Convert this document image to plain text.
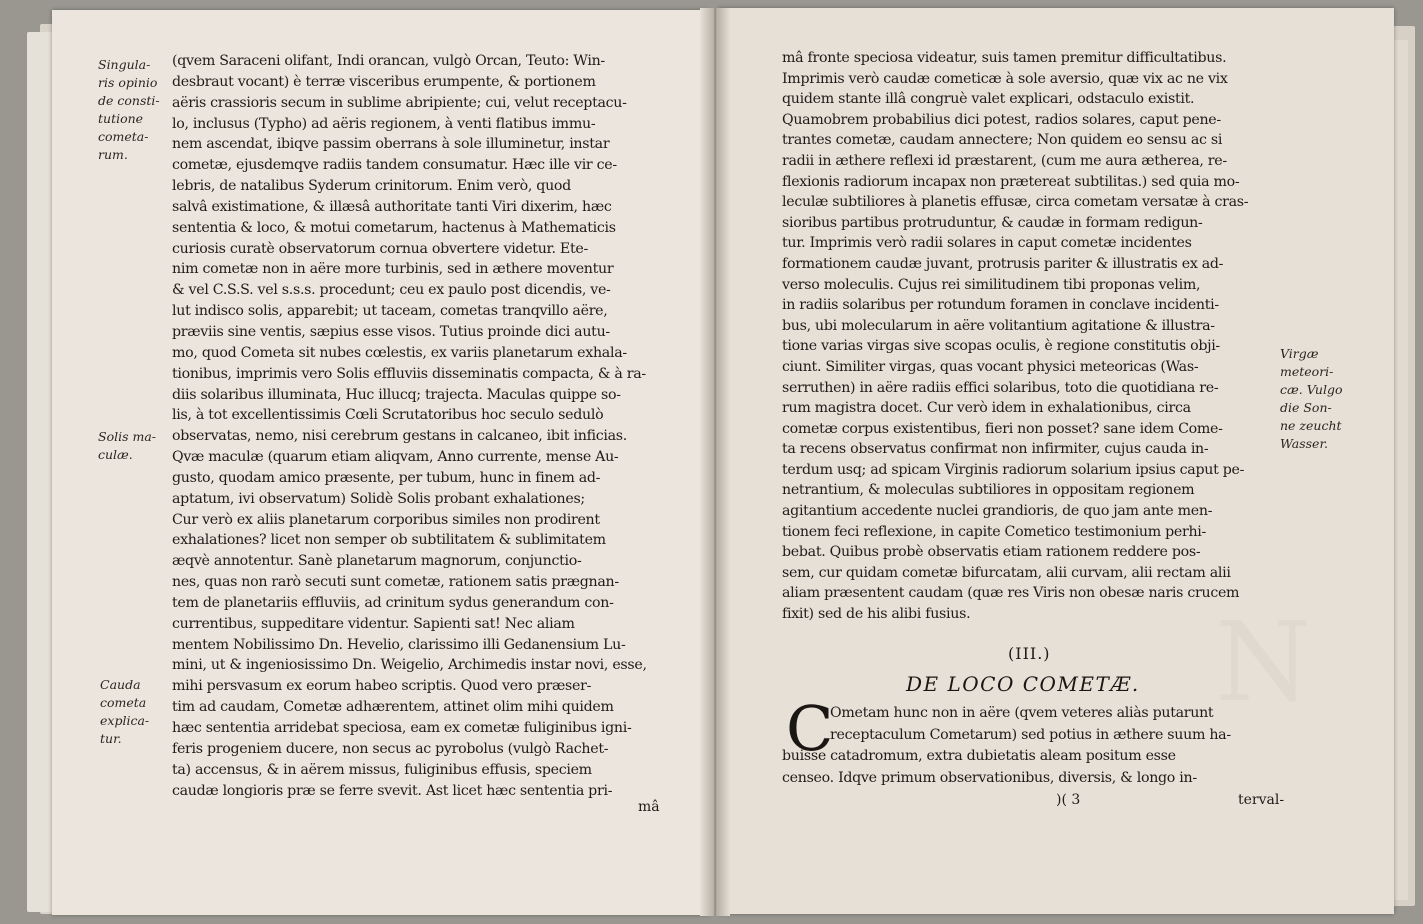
N
Singula-
ris opinio
de consti-
tutione
cometa-
rum.
Solis ma-
culæ.
Cauda
cometa
explica-
tur.
(qvem Saraceni olifant, Indi orancan, vulgò Orcan, Teuto: Win-
desbraut vocant) è terræ visceribus erumpente, & portionem
aëris crassioris secum in sublime abripiente; cui, velut receptacu-
lo, inclusus (Typho) ad aëris regionem, à venti flatibus immu-
nem ascendat, ibiqve passim oberrans à sole illuminetur, instar
cometæ, ejusdemqve radiis tandem consumatur. Hæc ille vir ce-
lebris, de natalibus Syderum crinitorum. Enim verò, quod
salvâ existimatione, & illæsâ authoritate tanti Viri dixerim, hæc
sententia & loco, & motui cometarum, hactenus à Mathematicis
curiosis curatè observatorum cornua obvertere videtur. Ete-
nim cometæ non in aëre more turbinis, sed in æthere moventur
& vel C.S.S. vel s.s.s. procedunt; ceu ex paulo post dicendis, ve-
lut indisco solis, apparebit; ut taceam, cometas tranqvillo aëre,
præviis sine ventis, sæpius esse visos. Tutius proinde dici autu-
mo, quod Cometa sit nubes cœlestis, ex variis planetarum exhala-
tionibus, imprimis vero Solis effluviis disseminatis compacta, & à ra-
diis solaribus illuminata, Huc illucq; trajecta. Maculas quippe so-
lis, à tot excellentissimis Cœli Scrutatoribus hoc seculo sedulò
observatas, nemo, nisi cerebrum gestans in calcaneo, ibit inficias.
Qvæ maculæ (quarum etiam aliqvam, Anno currente, mense Au-
gusto, quodam amico præsente, per tubum, hunc in finem ad-
aptatum, ivi observatum) Solidè Solis probant exhalationes;
Cur verò ex aliis planetarum corporibus similes non prodirent
exhalationes? licet non semper ob subtilitatem & sublimitatem
æqvè annotentur. Sanè planetarum magnorum, conjunctio-
nes, quas non rarò secuti sunt cometæ, rationem satis prægnan-
tem de planetariis effluviis, ad crinitum sydus generandum con-
currentibus, suppeditare videntur. Sapienti sat! Nec aliam
mentem Nobilissimo Dn. Hevelio, clarissimo illi Gedanensium Lu-
mini, ut & ingeniosissimo Dn. Weigelio, Archimedis instar novi, esse,
mihi persvasum ex eorum habeo scriptis. Quod vero præser-
tim ad caudam, Cometæ adhærentem, attinet olim mihi quidem
hæc sententia arridebat speciosa, eam ex cometæ fuliginibus igni-
feris progeniem ducere, non secus ac pyrobolus (vulgò Rachet-
ta) accensus, & in aërem missus, fuliginibus effusis, speciem
caudæ longioris præ se ferre svevit. Ast licet hæc sententia pri-
mâ
mâ fronte speciosa videatur, suis tamen premitur difficultatibus.
Imprimis verò caudæ cometicæ à sole aversio, quæ vix ac ne vix
quidem stante illâ congruè valet explicari, odstaculo existit.
Quamobrem probabilius dici potest, radios solares, caput pene-
trantes cometæ, caudam annectere; Non quidem eo sensu ac si
radii in æthere reflexi id præstarent, (cum me aura ætherea, re-
flexionis radiorum incapax non prætereat subtilitas.) sed quia mo-
leculæ subtiliores à planetis effusæ, circa cometam versatæ à cras-
sioribus partibus protruduntur, & caudæ in formam redigun-
tur. Imprimis verò radii solares in caput cometæ incidentes
formationem caudæ juvant, protrusis pariter & illustratis ex ad-
verso moleculis. Cujus rei similitudinem tibi proponas velim,
in radiis solaribus per rotundum foramen in conclave incidenti-
bus, ubi molecularum in aëre volitantium agitatione & illustra-
tione varias virgas sive scopas oculis, è regione constitutis obji-
ciunt. Similiter virgas, quas vocant physici meteoricas (Was-
serruthen) in aëre radiis effici solaribus, toto die quotidiana re-
rum magistra docet. Cur verò idem in exhalationibus, circa
cometæ corpus existentibus, fieri non posset? sane idem Come-
ta recens observatus confirmat non infirmiter, cujus cauda in-
terdum usq; ad spicam Virginis radiorum solarium ipsius caput pe-
netrantium, & moleculas subtiliores in oppositam regionem
agitantium accedente nuclei grandioris, de quo jam ante men-
tionem feci reflexione, in capite Cometico testimonium perhi-
bebat. Quibus probè observatis etiam rationem reddere pos-
sem, cur quidam cometæ bifurcatam, alii curvam, alii rectam alii
aliam præsentent caudam (quæ res Viris non obesæ naris crucem
fixit) sed de his alibi fusius.
Virgæ
meteori-
cæ. Vulgo
die Son-
ne zeucht
Wasser.
(III.)
DE LOCO COMETÆ.
C
Ometam hunc non in aëre (qvem veteres aliàs putarunt
receptaculum Cometarum) sed potius in æthere suum ha-
buisse catadromum, extra dubietatis aleam positum esse
censeo. Idqve primum observationibus, diversis, & longo in-
)( 3	terval-
